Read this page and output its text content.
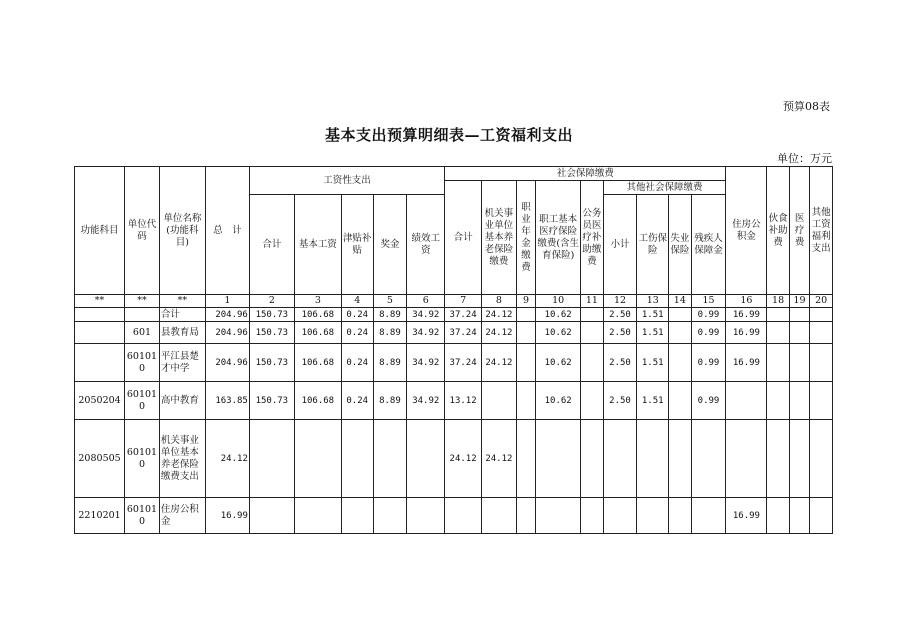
预算08表
基本支出预算明细表—工资福利支出
单位：万元
功能科目	单位代码	单位名称(功能科目)	总　计	工资性支出					社会保障缴费									住房公积金	伙食补助费	医疗费	其他工资福利支出
									合计	机关事业单位基本养老保险缴费	职业年金缴费	职工基本医疗保险缴费(含生育保险)	公务员医疗补助缴费	其他社会保障缴费							
				合计	基本工资	津贴补贴	奖金	绩效工资						小计	工伤保险	失业保险	残疾人保障金				

**	**	**	1	2	3	4	5	6	7	8	9	10	11	12	13	14	15	16	18	19	20
		合计	204.96	150.73	106.68	0.24	8.89	34.92	37.24	24.12		10.62		2.50	1.51		0.99	16.99			
	601	县教育局	204.96	150.73	106.68	0.24	8.89	34.92	37.24	24.12		10.62		2.50	1.51		0.99	16.99			
	601010	平江县楚才中学	204.96	150.73	106.68	0.24	8.89	34.92	37.24	24.12		10.62		2.50	1.51		0.99	16.99			
2050204	601010	高中教育	163.85	150.73	106.68	0.24	8.89	34.92	13.12			10.62		2.50	1.51		0.99				
2080505	601010	机关事业单位基本养老保险缴费支出	24.12						24.12	24.12											
2210201	601010	住房公积金	16.99															16.99			
